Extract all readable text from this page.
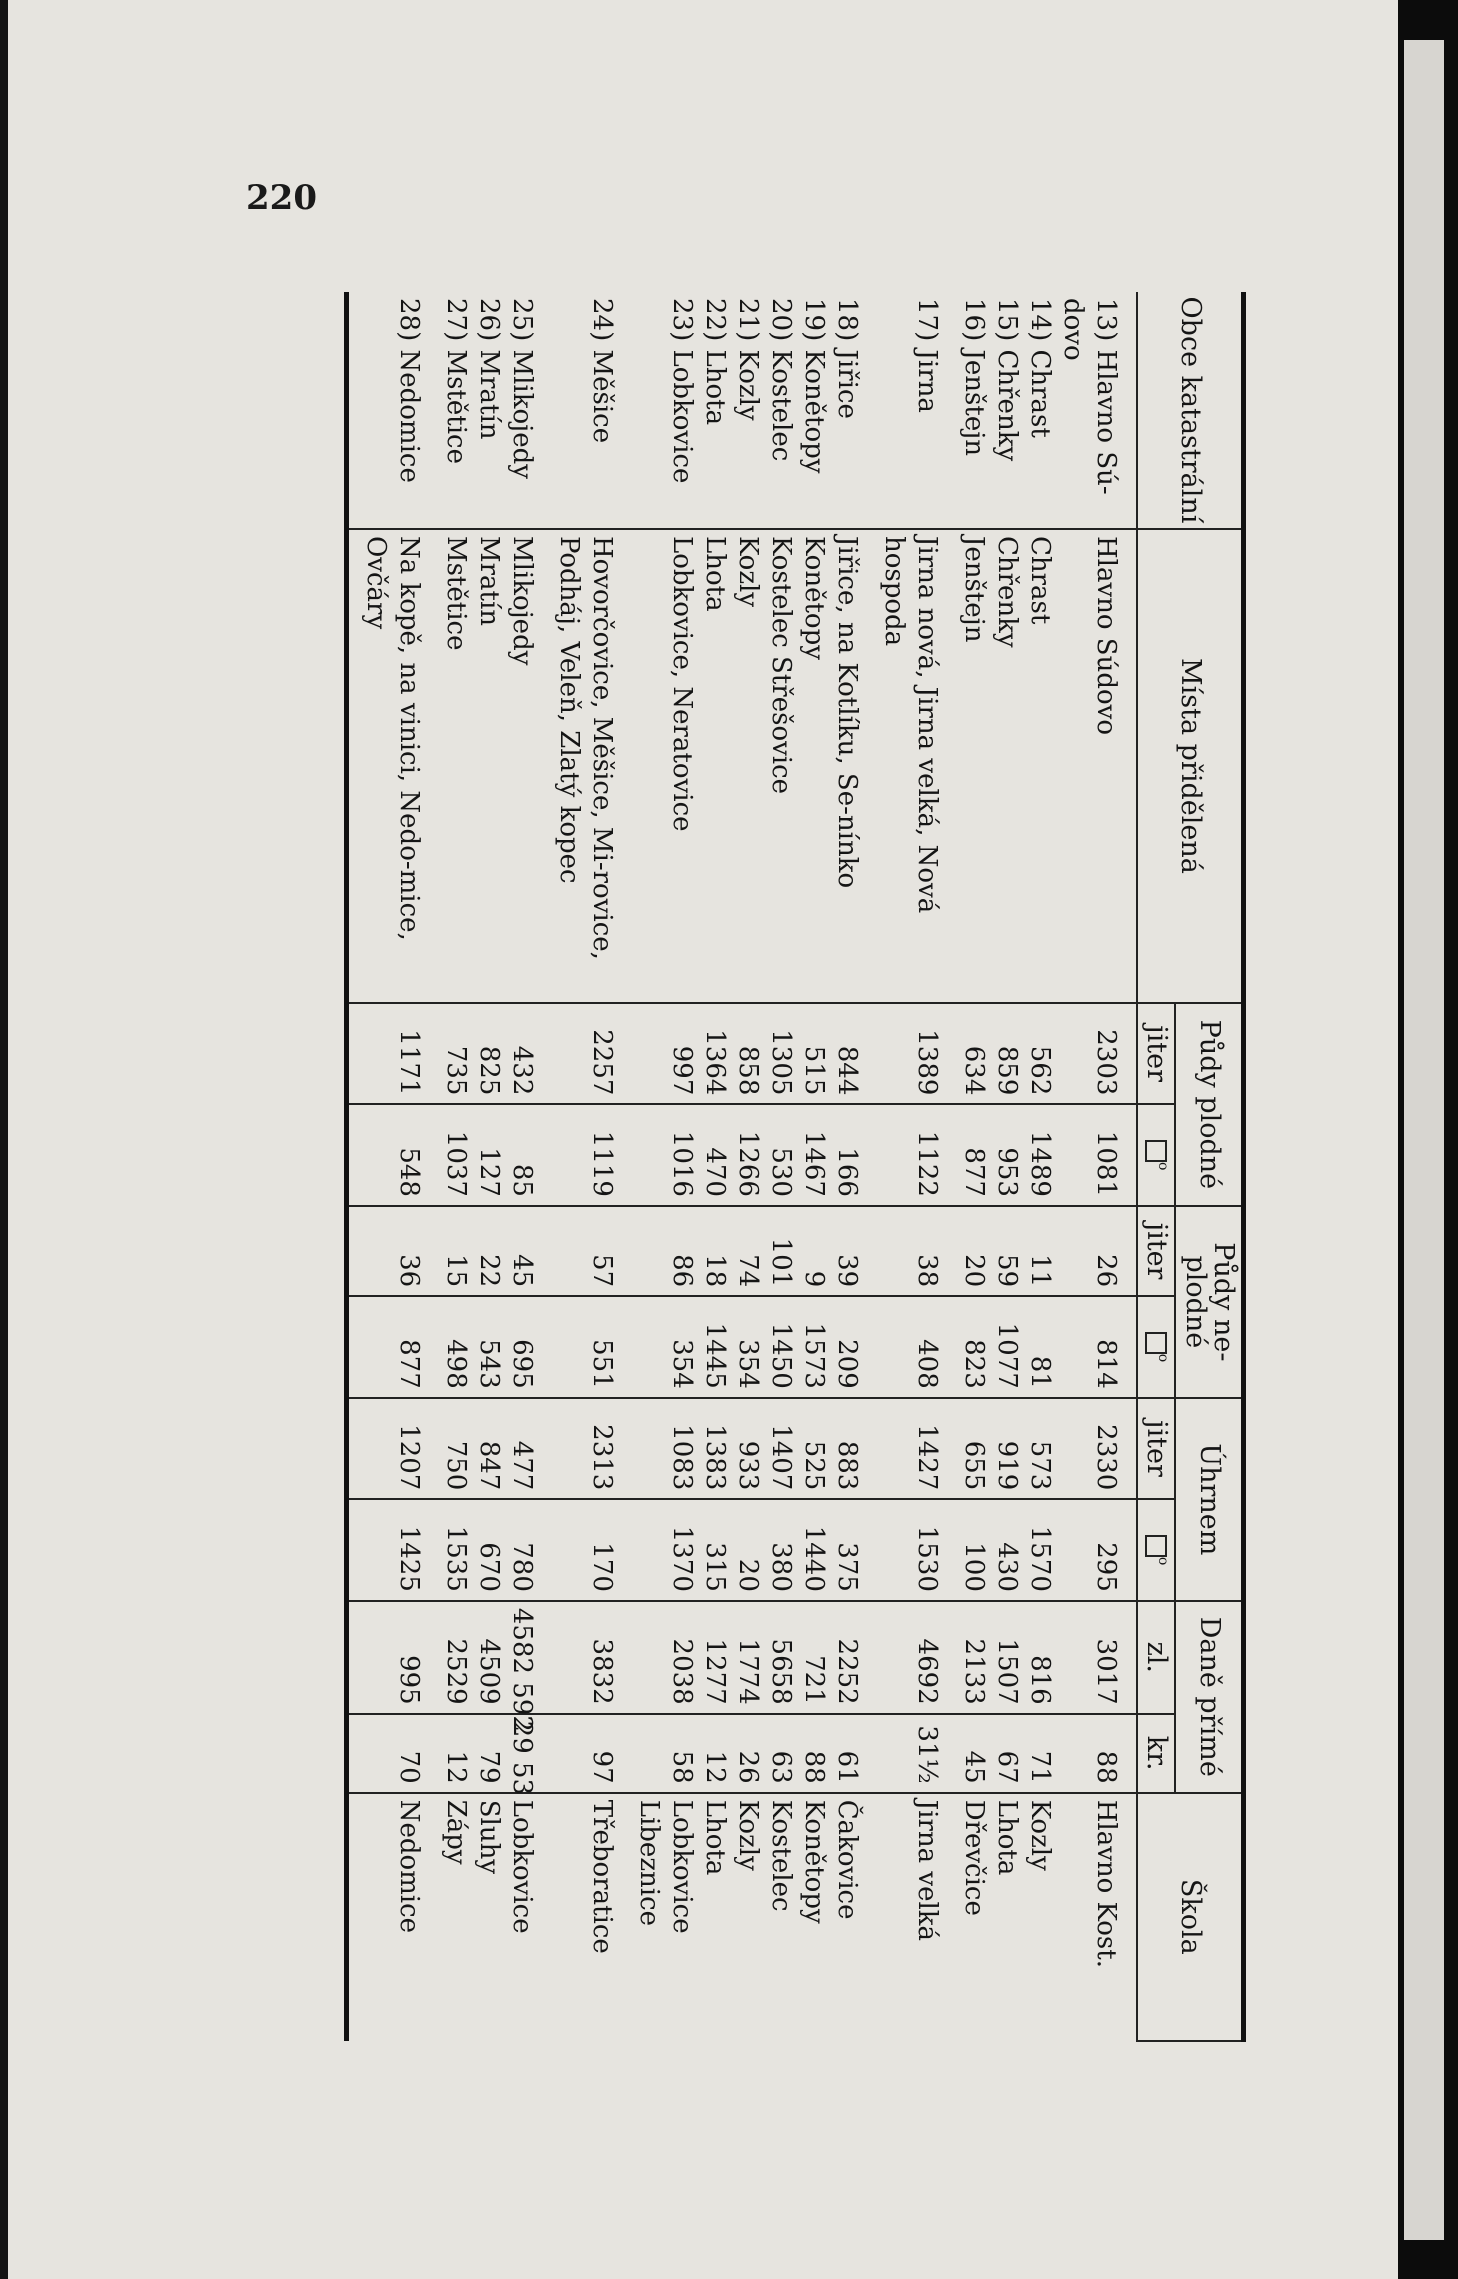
220
Obce katastrální	Místa přidělená	Půdy plodné		Půdy ne-plodné		Úhrnem		Daně přímé		Škola
		jiter	$^o$	jiter	$^o$	jiter	$^o$	zl.	kr.	
13) Hlavno Sú-dovo	Hlavno Súdovo	2303	1081	26	814	2330	295	3017	88	Hlavno Kost.
14) Chrast	Chrast	562	1489	11	81	573	1570	816	71	Kozly
15) Chřenky	Chřenky	859	953	59	1077	919	430	1507	67	Lhota
16) Jenštejn	Jenštejn	634	877	20	823	655	100	2133	45	Dřevčice
17) Jirna	Jirna nová, Jirna velká, Nová hospoda	1389	1122	38	408	1427	1530	4692	31½	Jirna velká
18) Jiřice	Jiřice, na Kotlíku, Se-nínko	844	166	39	209	883	375	2252	61	Čakovice
19) Konětopy	Konětopy	515	1467	9	1573	525	1440	721	88	Konětopy
20) Kostelec	Kostelec Střešovice	1305	530	101	1450	1407	380	5658	63	Kostelec
21) Kozly	Kozly	858	1266	74	354	933	20	1774	26	Kozly
22) Lhota	Lhota	1364	470	18	1445	1383	315	1277	12	Lhota
23) Lobkovice	Lobkovice, Neratovice	997	1016	86	354	1083	1370	2038	58	Lobkovice
										Libeznice
24) Měšice	Hovorčovice, Měšice, Mi-rovice, Podháj, Veleň, Zlatý kopec	2257	1119	57	551	2313	170	3832	97	Třeboratice
25) Mlikojedy	Mlikojedy	432	85	45	695	477	780	4582 592	29 53	Lobkovice
26) Mratín	Mratín	825	127	22	543	847	670	4509	79	Sluhy
27) Mstětice	Mstětice	735	1037	15	498	750	1535	2529	12	Zápy
28) Nedomice	Na kopě, na vinici, Nedo-mice, Ovčáry	1171	548	36	877	1207	1425	995	70	Nedomice
